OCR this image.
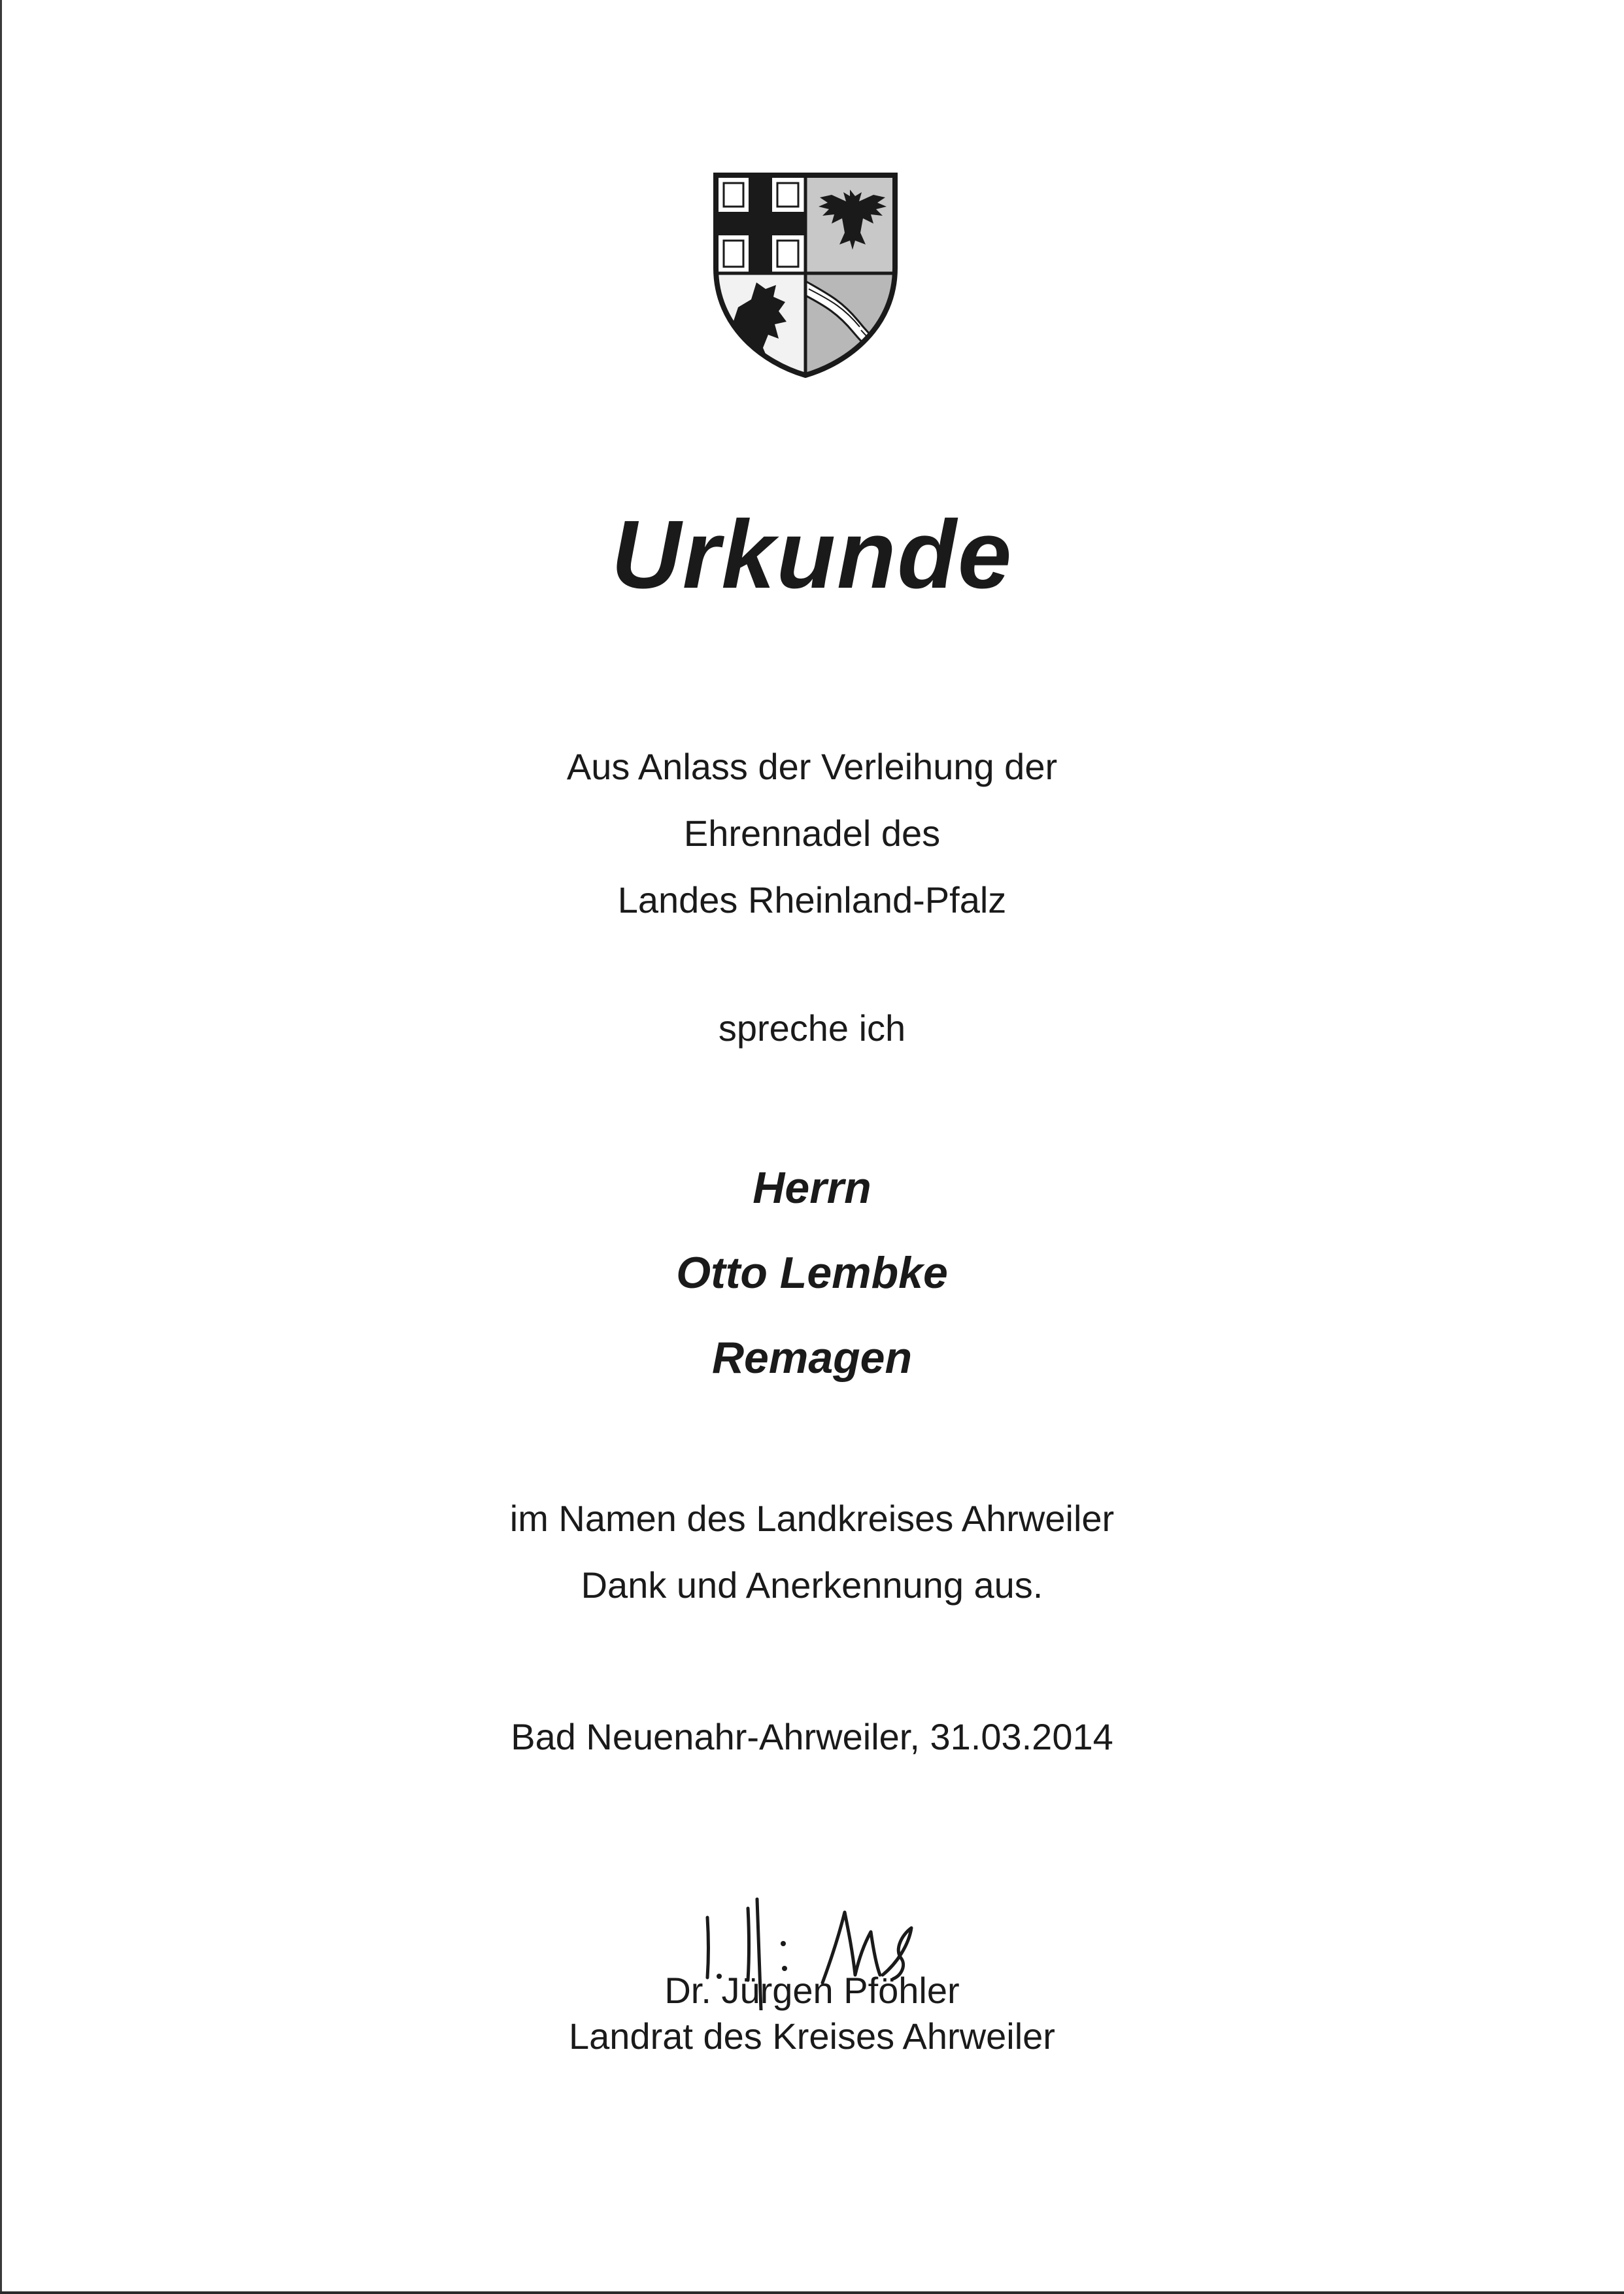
Urkunde
Aus Anlass der Verleihung der
Ehrennadel des
Landes Rheinland-Pfalz
spreche ich
Herrn
Otto Lembke
Remagen
im Namen des Landkreises Ahrweiler
Dank und Anerkennung aus.
Bad Neuenahr-Ahrweiler, 31.03.2014
Dr. Jürgen Pföhler
Landrat des Kreises Ahrweiler
